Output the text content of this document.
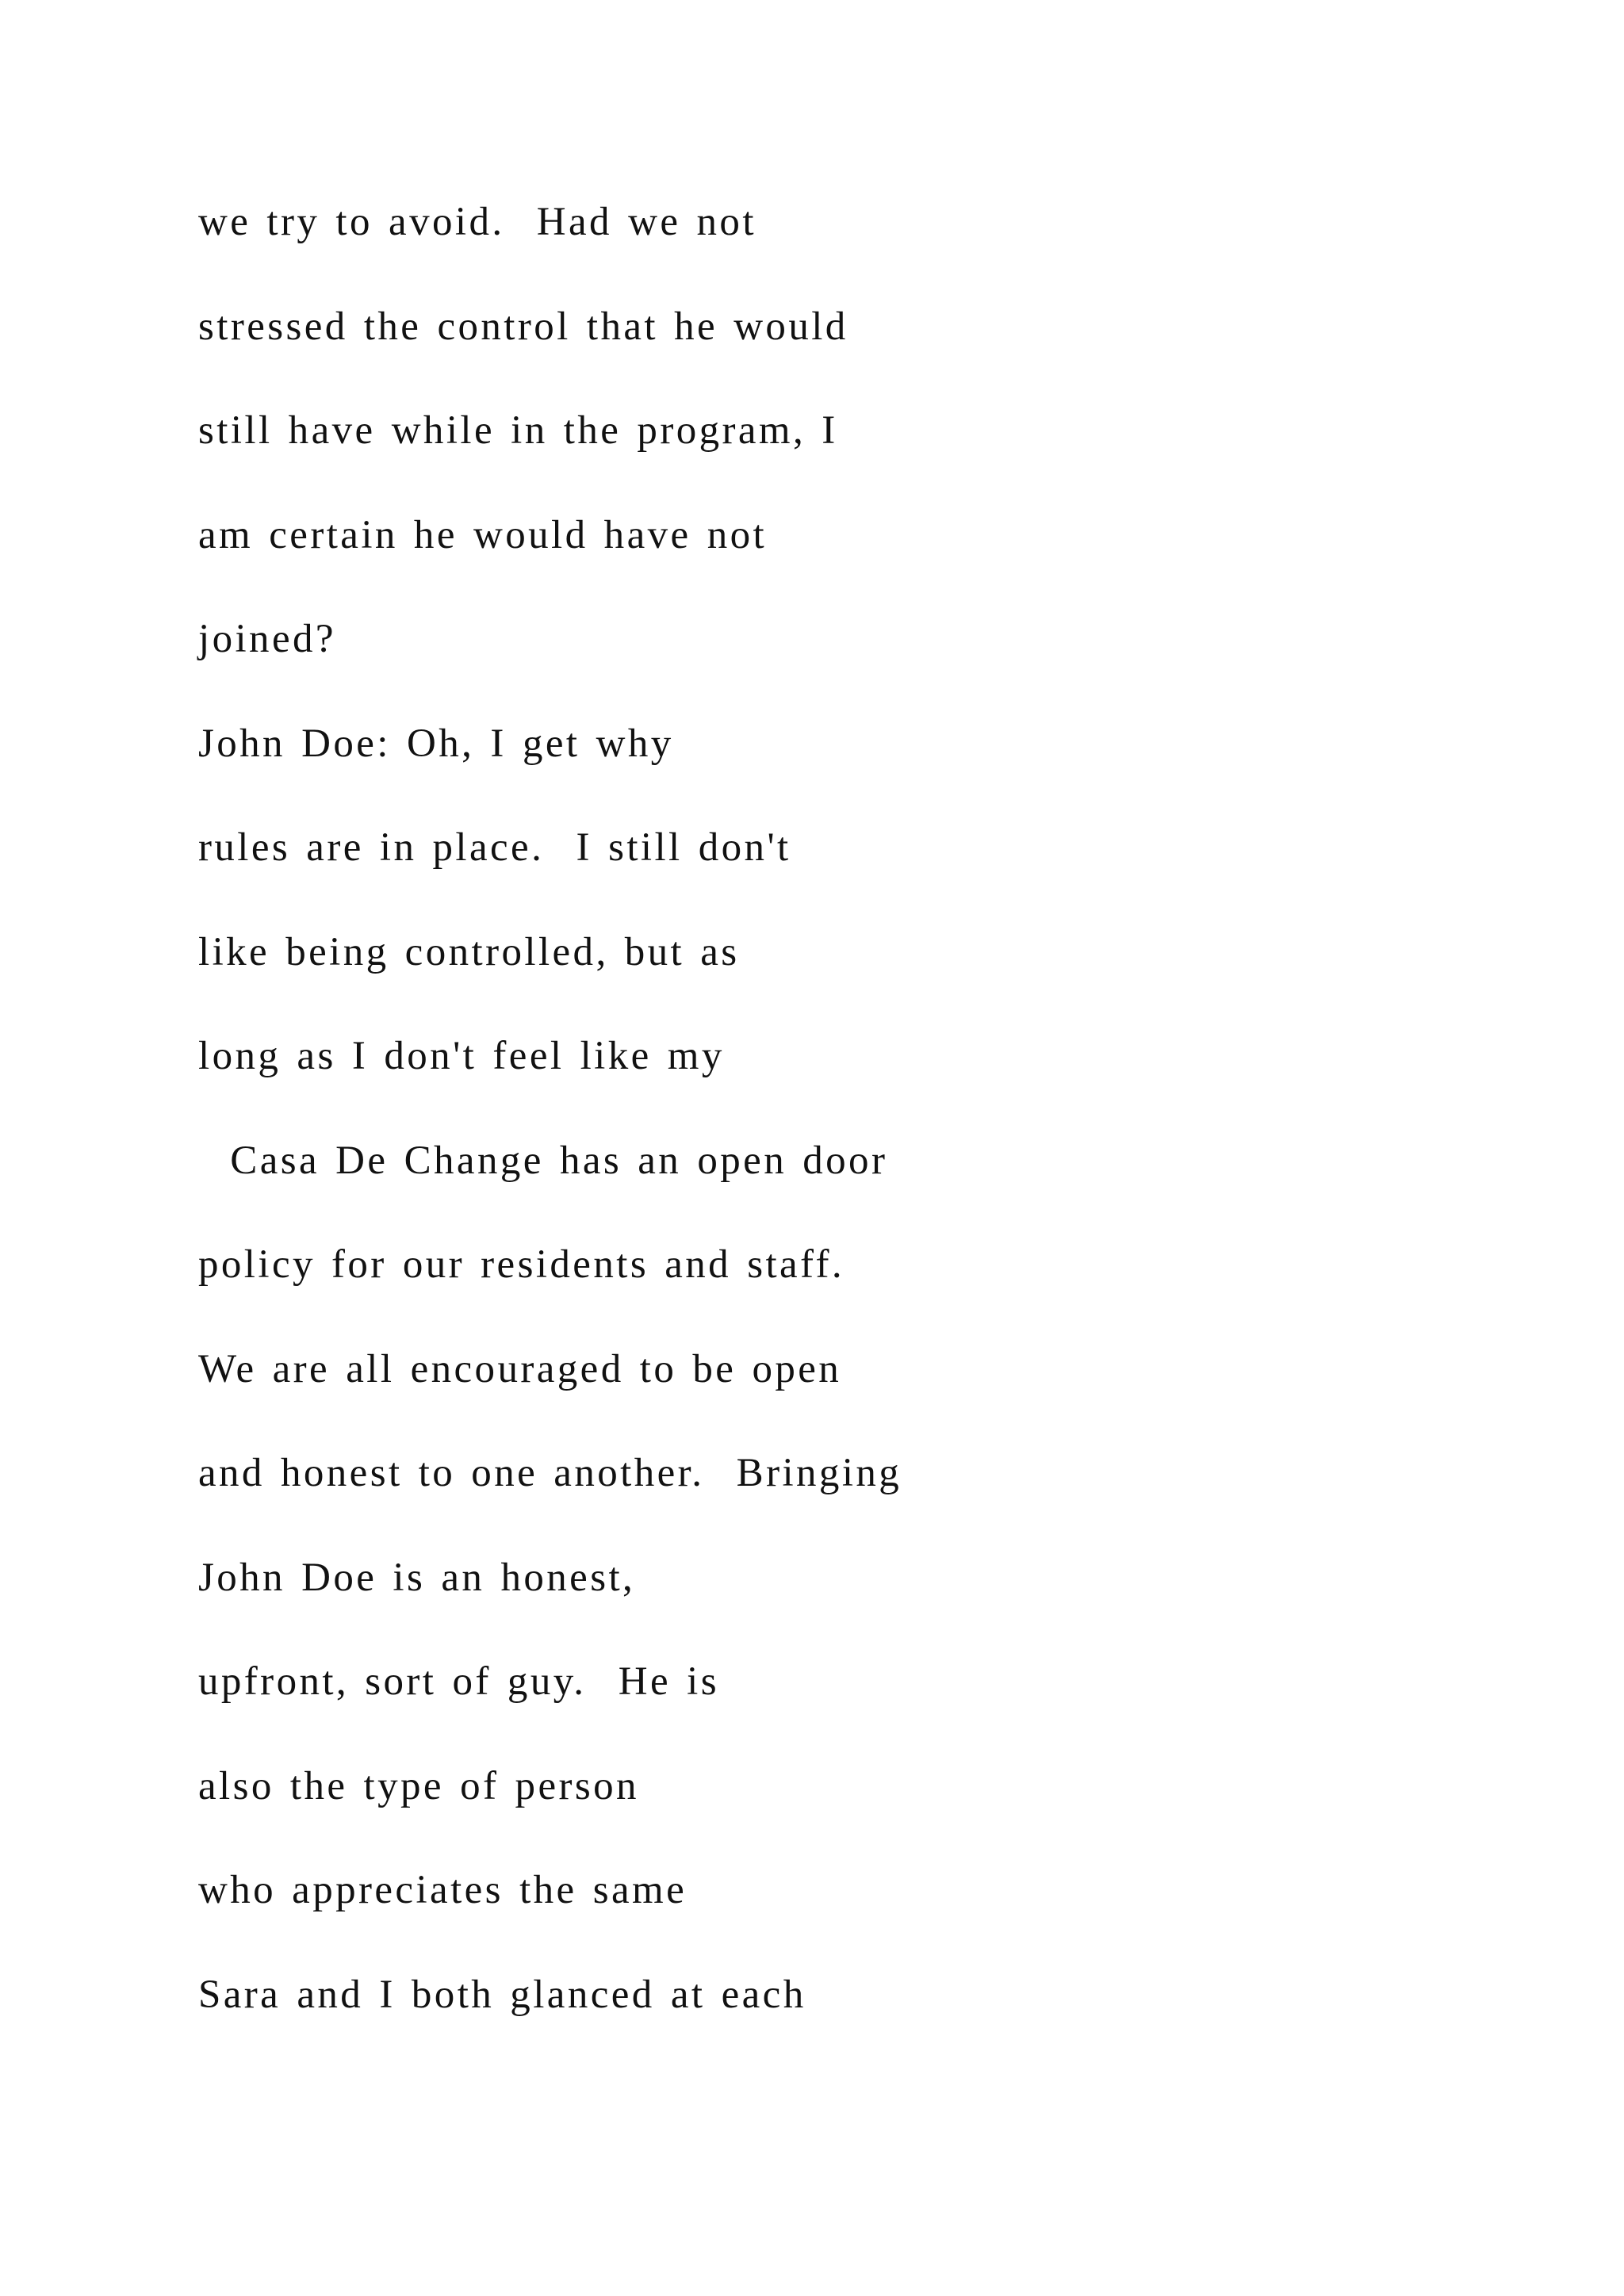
we try to avoid.  Had we not

stressed the control that he would

still have while in the program, I

am certain he would have not

joined?

John Doe: Oh, I get why

rules are in place.  I still don't

like being controlled, but as

long as I don't feel like my

Casa De Change has an open door

policy for our residents and staff.

We are all encouraged to be open

and honest to one another.  Bringing

John Doe is an honest,

upfront, sort of guy.  He is

also the type of person

who appreciates the same

Sara and I both glanced at each
